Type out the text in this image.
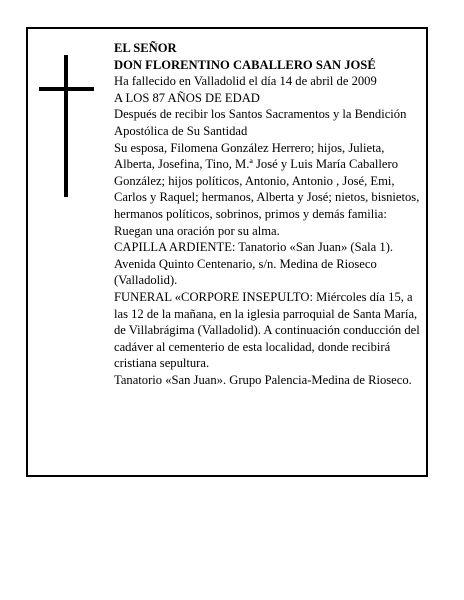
EL SEÑOR

DON FLORENTINO CABALLERO SAN JOSÉ

Ha fallecido en Valladolid el día 14 de abril de 2009

A LOS 87 AÑOS DE EDAD

Después de recibir los Santos Sacramentos y la Bendición Apostólica de Su Santidad

Su esposa, Filomena González Herrero; hijos, Julieta, Alberta, Josefina, Tino, M.ª José y Luis María Caballero González; hijos políticos, Antonio, Antonio , José, Emi, Carlos y Raquel; hermanos, Alberta y José; nietos, bisnietos, hermanos políticos, sobrinos, primos y demás familia:

Ruegan una oración por su alma.

CAPILLA ARDIENTE: Tanatorio «San Juan» (Sala 1). Avenida Quinto Centenario, s/n. Medina de Rioseco (Valladolid).

FUNERAL «CORPORE INSEPULTO: Miércoles día 15, a las 12 de la mañana, en la iglesia parroquial de Santa María, de Villabrágima (Valladolid). A continuación conducción del cadáver al cementerio de esta localidad, donde recibirá cristiana sepultura.

Tanatorio «San Juan». Grupo Palencia-Medina de Rioseco.
